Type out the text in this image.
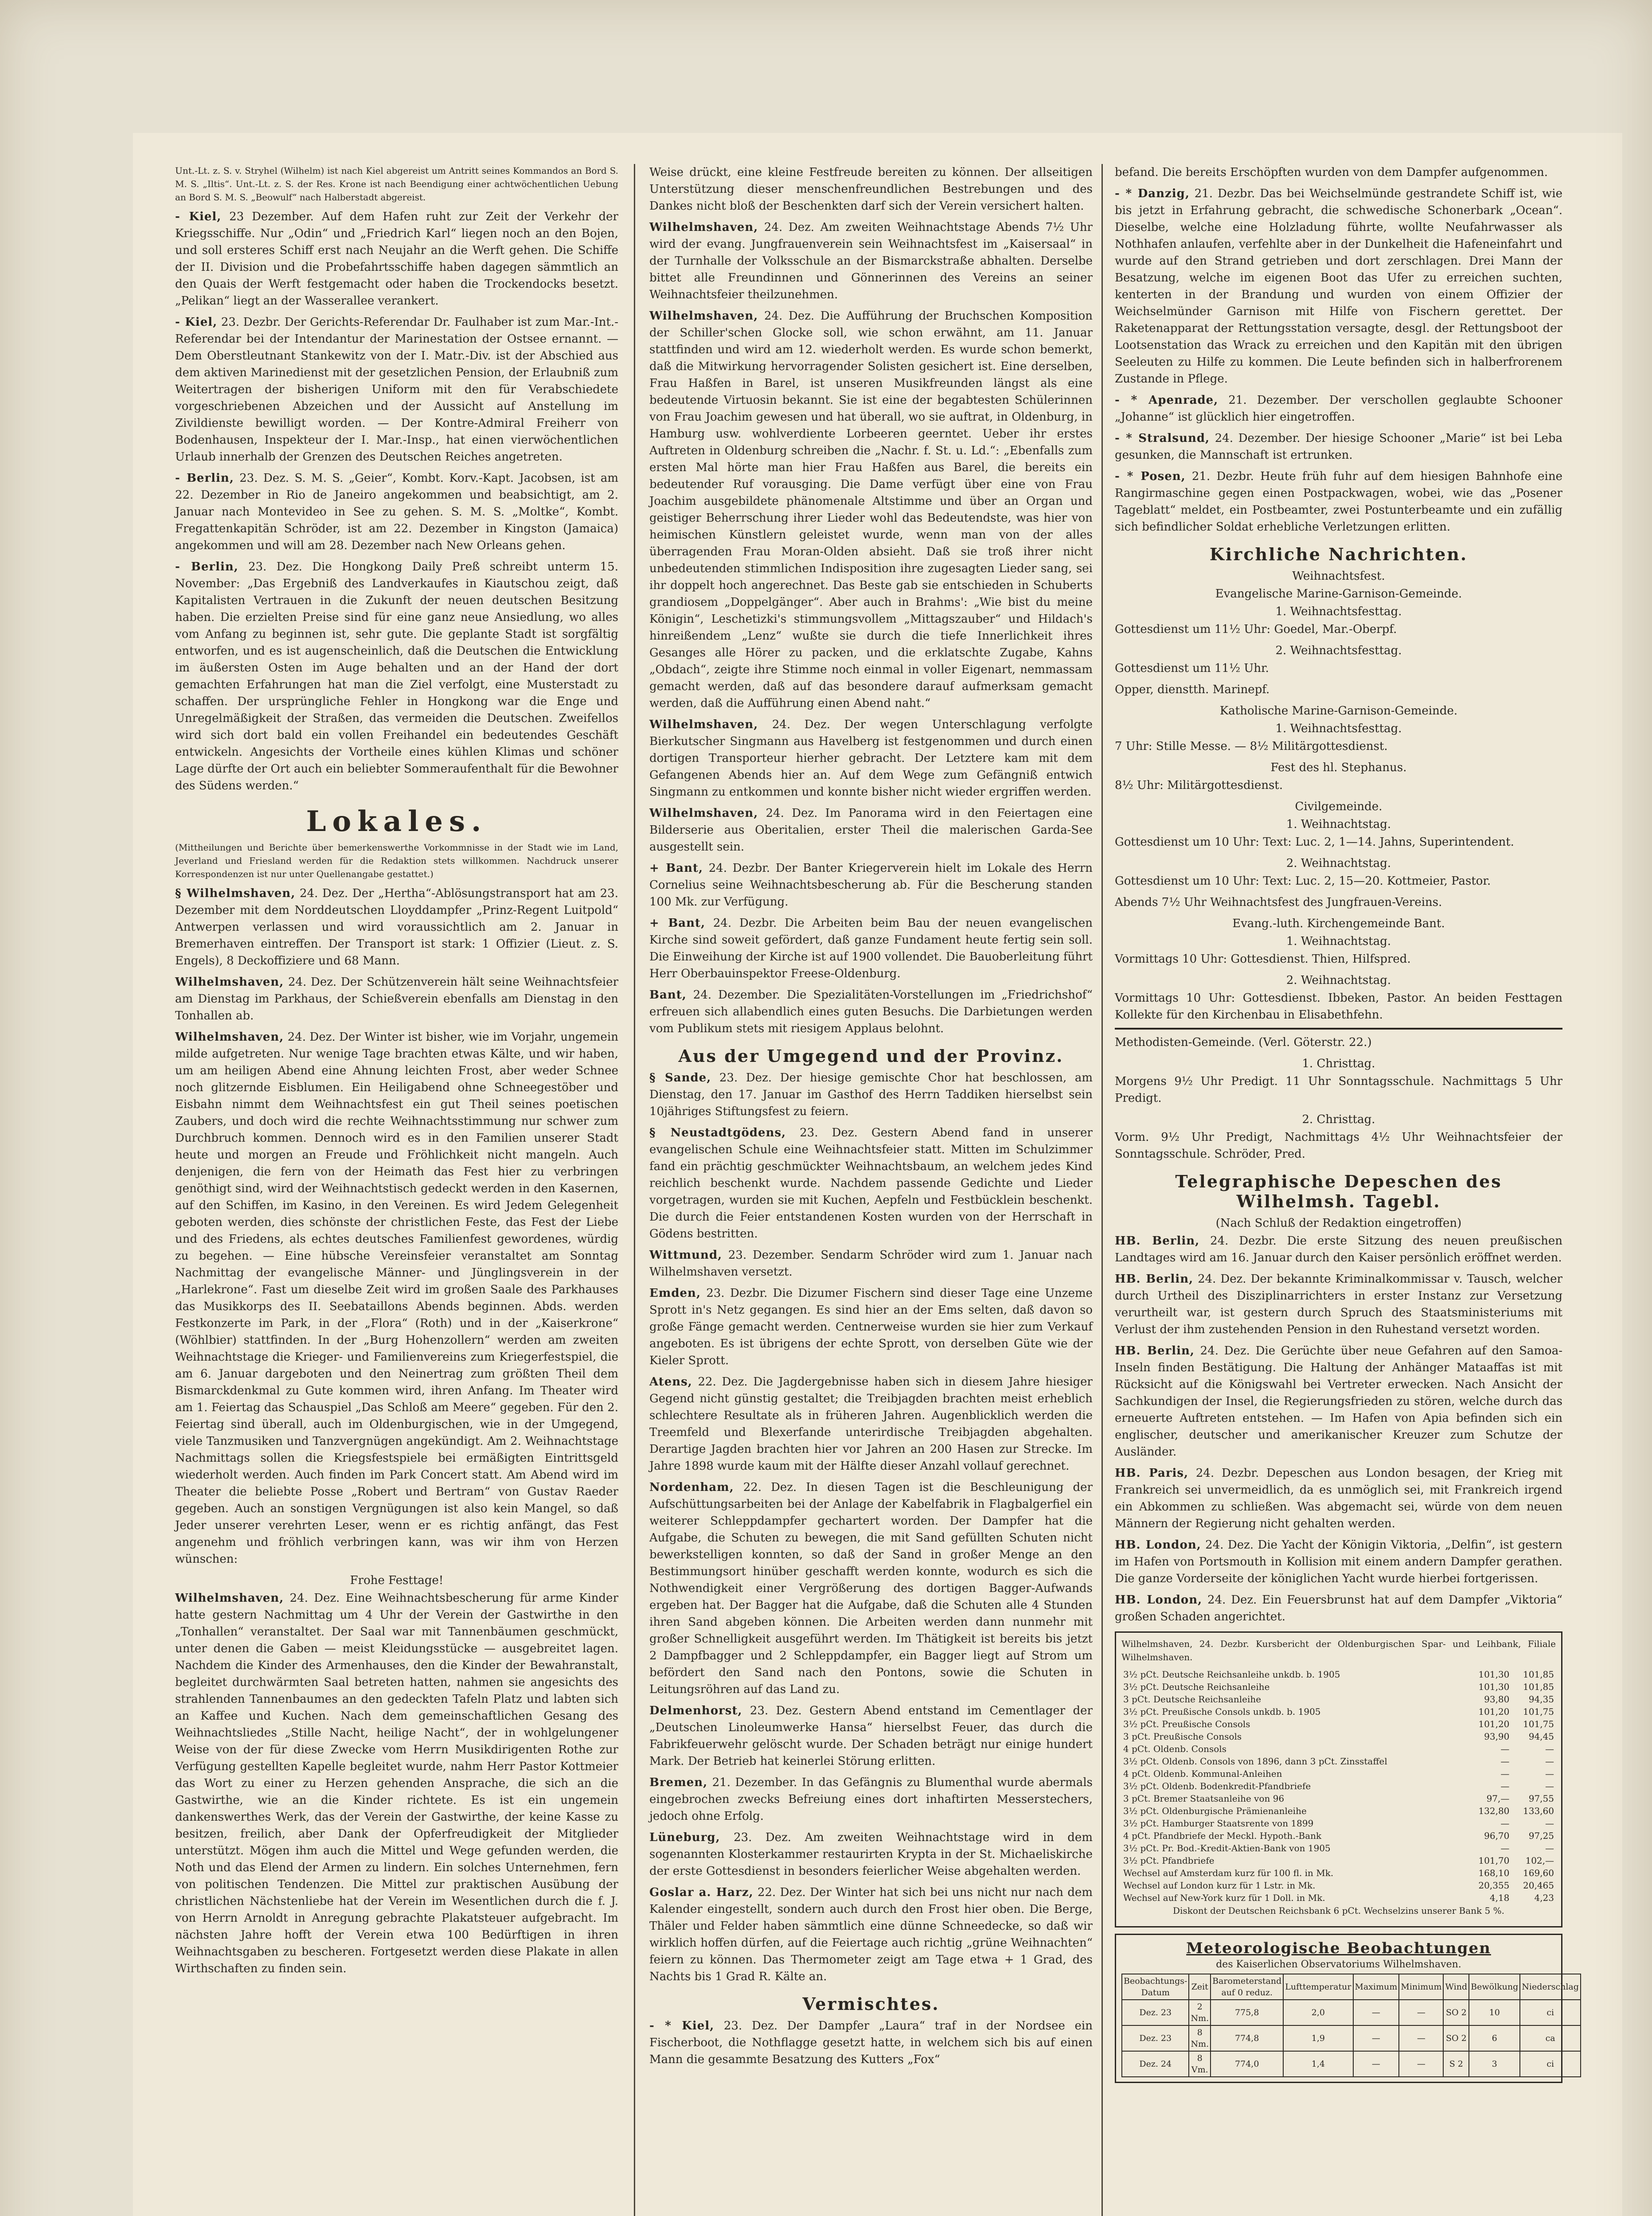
Unt.-Lt. z. S. v. Stryhel (Wilhelm) ist nach Kiel abgereist um Antritt seines Kommandos an Bord S. M. S. „Iltis“. Unt.-Lt. z. S. der Res. Krone ist nach Beendigung einer achtwöchentlichen Uebung an Bord S. M. S. „Beowulf“ nach Halberstadt abgereist.
- Kiel, 23 Dezember. Auf dem Hafen ruht zur Zeit der Verkehr der Kriegsschiffe. Nur „Odin“ und „Friedrich Karl“ liegen noch an den Bojen, und soll ersteres Schiff erst nach Neujahr an die Werft gehen. Die Schiffe der II. Division und die Probefahrtsschiffe haben dagegen sämmtlich an den Quais der Werft festgemacht oder haben die Trockendocks besetzt. „Pelikan“ liegt an der Wasserallee verankert.
- Kiel, 23. Dezbr. Der Gerichts-Referendar Dr. Faulhaber ist zum Mar.-Int.-Referendar bei der Intendantur der Marinestation der Ostsee ernannt. — Dem Oberstleutnant Stankewitz von der I. Matr.-Div. ist der Abschied aus dem aktiven Marinedienst mit der gesetzlichen Pension, der Erlaubniß zum Weitertragen der bisherigen Uniform mit den für Verabschiedete vorgeschriebenen Abzeichen und der Aussicht auf Anstellung im Zivildienste bewilligt worden. — Der Kontre-Admiral Freiherr von Bodenhausen, Inspekteur der I. Mar.-Insp., hat einen vierwöchentlichen Urlaub innerhalb der Grenzen des Deutschen Reiches angetreten.
- Berlin, 23. Dez. S. M. S. „Geier“, Kombt. Korv.-Kapt. Jacobsen, ist am 22. Dezember in Rio de Janeiro angekommen und beabsichtigt, am 2. Januar nach Montevideo in See zu gehen. S. M. S. „Moltke“, Kombt. Fregattenkapitän Schröder, ist am 22. Dezember in Kingston (Jamaica) angekommen und will am 28. Dezember nach New Orleans gehen.
- Berlin, 23. Dez. Die Hongkong Daily Preß schreibt unterm 15. November: „Das Ergebniß des Landverkaufes in Kiautschou zeigt, daß Kapitalisten Vertrauen in die Zukunft der neuen deutschen Besitzung haben. Die erzielten Preise sind für eine ganz neue Ansiedlung, wo alles vom Anfang zu beginnen ist, sehr gute. Die geplante Stadt ist sorgfältig entworfen, und es ist augenscheinlich, daß die Deutschen die Entwicklung im äußersten Osten im Auge behalten und an der Hand der dort gemachten Erfahrungen hat man die Ziel verfolgt, eine Musterstadt zu schaffen. Der ursprüngliche Fehler in Hongkong war die Enge und Unregelmäßigkeit der Straßen, das vermeiden die Deutschen. Zweifellos wird sich dort bald ein vollen Freihandel ein bedeutendes Geschäft entwickeln. Angesichts der Vortheile eines kühlen Klimas und schöner Lage dürfte der Ort auch ein beliebter Sommeraufenthalt für die Bewohner des Südens werden.“
Lokales.
(Mittheilungen und Berichte über bemerkenswerthe Vorkommnisse in der Stadt wie im Land, Jeverland und Friesland werden für die Redaktion stets willkommen. Nachdruck unserer Korrespondenzen ist nur unter Quellenangabe gestattet.)
§ Wilhelmshaven, 24. Dez. Der „Hertha“-Ablösungstransport hat am 23. Dezember mit dem Norddeutschen Lloyddampfer „Prinz-Regent Luitpold“ Antwerpen verlassen und wird voraussichtlich am 2. Januar in Bremerhaven eintreffen. Der Transport ist stark: 1 Offizier (Lieut. z. S. Engels), 8 Deckoffiziere und 68 Mann.
Wilhelmshaven, 24. Dez. Der Schützenverein hält seine Weihnachtsfeier am Dienstag im Parkhaus, der Schießverein ebenfalls am Dienstag in den Tonhallen ab.
Wilhelmshaven, 24. Dez. Der Winter ist bisher, wie im Vorjahr, ungemein milde aufgetreten. Nur wenige Tage brachten etwas Kälte, und wir haben, um am heiligen Abend eine Ahnung leichten Frost, aber weder Schnee noch glitzernde Eisblumen. Ein Heiligabend ohne Schneegestöber und Eisbahn nimmt dem Weihnachtsfest ein gut Theil seines poetischen Zaubers, und doch wird die rechte Weihnachtsstimmung nur schwer zum Durchbruch kommen. Dennoch wird es in den Familien unserer Stadt heute und morgen an Freude und Fröhlichkeit nicht mangeln. Auch denjenigen, die fern von der Heimath das Fest hier zu verbringen genöthigt sind, wird der Weihnachtstisch gedeckt werden in den Kasernen, auf den Schiffen, im Kasino, in den Vereinen. Es wird Jedem Gelegenheit geboten werden, dies schönste der christlichen Feste, das Fest der Liebe und des Friedens, als echtes deutsches Familienfest gewordenes, würdig zu begehen. — Eine hübsche Vereinsfeier veranstaltet am Sonntag Nachmittag der evangelische Männer- und Jünglingsverein in der „Harlekrone“. Fast um dieselbe Zeit wird im großen Saale des Parkhauses das Musikkorps des II. Seebataillons Abends beginnen. Abds. werden Festkonzerte im Park, in der „Flora“ (Roth) und in der „Kaiserkrone“ (Wöhlbier) stattfinden. In der „Burg Hohenzollern“ werden am zweiten Weihnachtstage die Krieger- und Familienvereins zum Kriegerfestspiel, die am 6. Januar dargeboten und den Neinertrag zum größten Theil dem Bismarckdenkmal zu Gute kommen wird, ihren Anfang. Im Theater wird am 1. Feiertag das Schauspiel „Das Schloß am Meere“ gegeben. Für den 2. Feiertag sind überall, auch im Oldenburgischen, wie in der Umgegend, viele Tanzmusiken und Tanzvergnügen angekündigt. Am 2. Weihnachtstage Nachmittags sollen die Kriegsfestspiele bei ermäßigten Eintrittsgeld wiederholt werden. Auch finden im Park Concert statt. Am Abend wird im Theater die beliebte Posse „Robert und Bertram“ von Gustav Raeder gegeben. Auch an sonstigen Vergnügungen ist also kein Mangel, so daß Jeder unserer verehrten Leser, wenn er es richtig anfängt, das Fest angenehm und fröhlich verbringen kann, was wir ihm von Herzen wünschen:
Frohe Festtage!
Wilhelmshaven, 24. Dez. Eine Weihnachtsbescherung für arme Kinder hatte gestern Nachmittag um 4 Uhr der Verein der Gastwirthe in den „Tonhallen“ veranstaltet. Der Saal war mit Tannenbäumen geschmückt, unter denen die Gaben — meist Kleidungsstücke — ausgebreitet lagen. Nachdem die Kinder des Armenhauses, den die Kinder der Bewahranstalt, begleitet durchwärmten Saal betreten hatten, nahmen sie angesichts des strahlenden Tannenbaumes an den gedeckten Tafeln Platz und labten sich an Kaffee und Kuchen. Nach dem gemeinschaftlichen Gesang des Weihnachtsliedes „Stille Nacht, heilige Nacht“, der in wohlgelungener Weise von der für diese Zwecke vom Herrn Musikdirigenten Rothe zur Verfügung gestellten Kapelle begleitet wurde, nahm Herr Pastor Kottmeier das Wort zu einer zu Herzen gehenden Ansprache, die sich an die Gastwirthe, wie an die Kinder richtete. Es ist ein ungemein dankenswerthes Werk, das der Verein der Gastwirthe, der keine Kasse zu besitzen, freilich, aber Dank der Opferfreudigkeit der Mitglieder unterstützt. Mögen ihm auch die Mittel und Wege gefunden werden, die Noth und das Elend der Armen zu lindern. Ein solches Unternehmen, fern von politischen Tendenzen. Die Mittel zur praktischen Ausübung der christlichen Nächstenliebe hat der Verein im Wesentlichen durch die f. J. von Herrn Arnoldt in Anregung gebrachte Plakatsteuer aufgebracht. Im nächsten Jahre hofft der Verein etwa 100 Bedürftigen in ihren Weihnachtsgaben zu bescheren. Fortgesetzt werden diese Plakate in allen Wirthschaften zu finden sein.
Weise drückt, eine kleine Festfreude bereiten zu können. Der allseitigen Unterstützung dieser menschenfreundlichen Bestrebungen und des Dankes nicht bloß der Beschenkten darf sich der Verein versichert halten.
Wilhelmshaven, 24. Dez. Am zweiten Weihnachtstage Abends 7½ Uhr wird der evang. Jungfrauenverein sein Weihnachtsfest im „Kaisersaal“ in der Turnhalle der Volksschule an der Bismarckstraße abhalten. Derselbe bittet alle Freundinnen und Gönnerinnen des Vereins an seiner Weihnachtsfeier theilzunehmen.
Wilhelmshaven, 24. Dez. Die Aufführung der Bruchschen Komposition der Schiller'schen Glocke soll, wie schon erwähnt, am 11. Januar stattfinden und wird am 12. wiederholt werden. Es wurde schon bemerkt, daß die Mitwirkung hervorragender Solisten gesichert ist. Eine derselben, Frau Haßfen in Barel, ist unseren Musikfreunden längst als eine bedeutende Virtuosin bekannt. Sie ist eine der begabtesten Schülerinnen von Frau Joachim gewesen und hat überall, wo sie auftrat, in Oldenburg, in Hamburg usw. wohlverdiente Lorbeeren geerntet. Ueber ihr erstes Auftreten in Oldenburg schreiben die „Nachr. f. St. u. Ld.“: „Ebenfalls zum ersten Mal hörte man hier Frau Haßfen aus Barel, die bereits ein bedeutender Ruf vorausging. Die Dame verfügt über eine von Frau Joachim ausgebildete phänomenale Altstimme und über an Organ und geistiger Beherrschung ihrer Lieder wohl das Bedeutendste, was hier von heimischen Künstlern geleistet wurde, wenn man von der alles überragenden Frau Moran-Olden absieht. Daß sie troß ihrer nicht unbedeutenden stimmlichen Indisposition ihre zugesagten Lieder sang, sei ihr doppelt hoch angerechnet. Das Beste gab sie entschieden in Schuberts grandiosem „Doppelgänger“. Aber auch in Brahms': „Wie bist du meine Königin“, Leschetizki's stimmungsvollem „Mittagszauber“ und Hildach's hinreißendem „Lenz“ wußte sie durch die tiefe Innerlichkeit ihres Gesanges alle Hörer zu packen, und die erklatschte Zugabe, Kahns „Obdach“, zeigte ihre Stimme noch einmal in voller Eigenart, nemmassam gemacht werden, daß auf das besondere darauf aufmerksam gemacht werden, daß die Aufführung einen Abend naht.“
Wilhelmshaven, 24. Dez. Der wegen Unterschlagung verfolgte Bierkutscher Singmann aus Havelberg ist festgenommen und durch einen dortigen Transporteur hierher gebracht. Der Letztere kam mit dem Gefangenen Abends hier an. Auf dem Wege zum Gefängniß entwich Singmann zu entkommen und konnte bisher nicht wieder ergriffen werden.
Wilhelmshaven, 24. Dez. Im Panorama wird in den Feiertagen eine Bilderserie aus Oberitalien, erster Theil die malerischen Garda-See ausgestellt sein.
+ Bant, 24. Dezbr. Der Banter Kriegerverein hielt im Lokale des Herrn Cornelius seine Weihnachtsbescherung ab. Für die Bescherung standen 100 Mk. zur Verfügung.
+ Bant, 24. Dezbr. Die Arbeiten beim Bau der neuen evangelischen Kirche sind soweit gefördert, daß ganze Fundament heute fertig sein soll. Die Einweihung der Kirche ist auf 1900 vollendet. Die Bauoberleitung führt Herr Oberbauinspektor Freese-Oldenburg.
Bant, 24. Dezember. Die Spezialitäten-Vorstellungen im „Friedrichshof“ erfreuen sich allabendlich eines guten Besuchs. Die Darbietungen werden vom Publikum stets mit riesigem Applaus belohnt.
Aus der Umgegend und der Provinz.
§ Sande, 23. Dez. Der hiesige gemischte Chor hat beschlossen, am Dienstag, den 17. Januar im Gasthof des Herrn Taddiken hierselbst sein 10jähriges Stiftungsfest zu feiern.
§ Neustadtgödens, 23. Dez. Gestern Abend fand in unserer evangelischen Schule eine Weihnachtsfeier statt. Mitten im Schulzimmer fand ein prächtig geschmückter Weihnachtsbaum, an welchem jedes Kind reichlich beschenkt wurde. Nachdem passende Gedichte und Lieder vorgetragen, wurden sie mit Kuchen, Aepfeln und Festbücklein beschenkt. Die durch die Feier entstandenen Kosten wurden von der Herrschaft in Gödens bestritten.
Wittmund, 23. Dezember. Sendarm Schröder wird zum 1. Januar nach Wilhelmshaven versetzt.
Emden, 23. Dezbr. Die Dizumer Fischern sind dieser Tage eine Unzeme Sprott in's Netz gegangen. Es sind hier an der Ems selten, daß davon so große Fänge gemacht werden. Centnerweise wurden sie hier zum Verkauf angeboten. Es ist übrigens der echte Sprott, von derselben Güte wie der Kieler Sprott.
Atens, 22. Dez. Die Jagdergebnisse haben sich in diesem Jahre hiesiger Gegend nicht günstig gestaltet; die Treibjagden brachten meist erheblich schlechtere Resultate als in früheren Jahren. Augenblicklich werden die Treemfeld und Blexerfande unterirdische Treibjagden abgehalten. Derartige Jagden brachten hier vor Jahren an 200 Hasen zur Strecke. Im Jahre 1898 wurde kaum mit der Hälfte dieser Anzahl vollauf gerechnet.
Nordenham, 22. Dez. In diesen Tagen ist die Beschleunigung der Aufschüttungsarbeiten bei der Anlage der Kabelfabrik in Flagbalgerfiel ein weiterer Schleppdampfer gechartert worden. Der Dampfer hat die Aufgabe, die Schuten zu bewegen, die mit Sand gefüllten Schuten nicht bewerkstelligen konnten, so daß der Sand in großer Menge an den Bestimmungsort hinüber geschafft werden konnte, wodurch es sich die Nothwendigkeit einer Vergrößerung des dortigen Bagger-Aufwands ergeben hat. Der Bagger hat die Aufgabe, daß die Schuten alle 4 Stunden ihren Sand abgeben können. Die Arbeiten werden dann nunmehr mit großer Schnelligkeit ausgeführt werden. Im Thätigkeit ist bereits bis jetzt 2 Dampfbagger und 2 Schleppdampfer, ein Bagger liegt auf Strom um befördert den Sand nach den Pontons, sowie die Schuten in Leitungsröhren auf das Land zu.
Delmenhorst, 23. Dez. Gestern Abend entstand im Cementlager der „Deutschen Linoleumwerke Hansa“ hierselbst Feuer, das durch die Fabrikfeuerwehr gelöscht wurde. Der Schaden beträgt nur einige hundert Mark. Der Betrieb hat keinerlei Störung erlitten.
Bremen, 21. Dezember. In das Gefängnis zu Blumenthal wurde abermals eingebrochen zwecks Befreiung eines dort inhaftirten Messerstechers, jedoch ohne Erfolg.
Lüneburg, 23. Dez. Am zweiten Weihnachtstage wird in dem sogenannten Klosterkammer restaurirten Krypta in der St. Michaeliskirche der erste Gottesdienst in besonders feierlicher Weise abgehalten werden.
Goslar a. Harz, 22. Dez. Der Winter hat sich bei uns nicht nur nach dem Kalender eingestellt, sondern auch durch den Frost hier oben. Die Berge, Thäler und Felder haben sämmtlich eine dünne Schneedecke, so daß wir wirklich hoffen dürfen, auf die Feiertage auch richtig „grüne Weihnachten“ feiern zu können. Das Thermometer zeigt am Tage etwa + 1 Grad, des Nachts bis 1 Grad R. Kälte an.
Vermischtes.
- * Kiel, 23. Dez. Der Dampfer „Laura“ traf in der Nordsee ein Fischerboot, die Nothflagge gesetzt hatte, in welchem sich bis auf einen Mann die gesammte Besatzung des Kutters „Fox“
befand. Die bereits Erschöpften wurden von dem Dampfer aufgenommen.
- * Danzig, 21. Dezbr. Das bei Weichselmünde gestrandete Schiff ist, wie bis jetzt in Erfahrung gebracht, die schwedische Schonerbark „Ocean“. Dieselbe, welche eine Holzladung führte, wollte Neufahrwasser als Nothhafen anlaufen, verfehlte aber in der Dunkelheit die Hafeneinfahrt und wurde auf den Strand getrieben und dort zerschlagen. Drei Mann der Besatzung, welche im eigenen Boot das Ufer zu erreichen suchten, kenterten in der Brandung und wurden von einem Offizier der Weichselmünder Garnison mit Hilfe von Fischern gerettet. Der Raketenapparat der Rettungsstation versagte, desgl. der Rettungsboot der Lootsenstation das Wrack zu erreichen und den Kapitän mit den übrigen Seeleuten zu Hilfe zu kommen. Die Leute befinden sich in halberfrorenem Zustande in Pflege.
- * Apenrade, 21. Dezember. Der verschollen geglaubte Schooner „Johanne“ ist glücklich hier eingetroffen.
- * Stralsund, 24. Dezember. Der hiesige Schooner „Marie“ ist bei Leba gesunken, die Mannschaft ist ertrunken.
- * Posen, 21. Dezbr. Heute früh fuhr auf dem hiesigen Bahnhofe eine Rangirmaschine gegen einen Postpackwagen, wobei, wie das „Posener Tageblatt“ meldet, ein Postbeamter, zwei Postunterbeamte und ein zufällig sich befindlicher Soldat erhebliche Verletzungen erlitten.
Kirchliche Nachrichten.
Weihnachtsfest.
Evangelische Marine-Garnison-Gemeinde.
1. Weihnachtsfesttag.
Gottesdienst um 11½ Uhr: Goedel, Mar.-Oberpf.
2. Weihnachtsfesttag.
Gottesdienst um 11½ Uhr.
Opper, dienstth. Marinepf.
Katholische Marine-Garnison-Gemeinde.
1. Weihnachtsfesttag.
7 Uhr: Stille Messe. — 8½ Militärgottesdienst.
Fest des hl. Stephanus.
8½ Uhr: Militärgottesdienst.
Civilgemeinde.
1. Weihnachtstag.
Gottesdienst um 10 Uhr: Text: Luc. 2, 1—14. Jahns, Superintendent.
2. Weihnachtstag.
Gottesdienst um 10 Uhr: Text: Luc. 2, 15—20. Kottmeier, Pastor.
Abends 7½ Uhr Weihnachtsfest des Jungfrauen-Vereins.
Evang.-luth. Kirchengemeinde Bant.
1. Weihnachtstag.
Vormittags 10 Uhr: Gottesdienst. Thien, Hilfspred.
2. Weihnachtstag.
Vormittags 10 Uhr: Gottesdienst. Ibbeken, Pastor. An beiden Festtagen Kollekte für den Kirchenbau in Elisabethfehn.
Methodisten-Gemeinde. (Verl. Göterstr. 22.)
1. Christtag.
Morgens 9½ Uhr Predigt. 11 Uhr Sonntagsschule. Nachmittags 5 Uhr Predigt.
2. Christtag.
Vorm. 9½ Uhr Predigt, Nachmittags 4½ Uhr Weihnachtsfeier der Sonntagsschule. Schröder, Pred.
Telegraphische Depeschen des Wilhelmsh. Tagebl.
(Nach Schluß der Redaktion eingetroffen)
HB. Berlin, 24. Dezbr. Die erste Sitzung des neuen preußischen Landtages wird am 16. Januar durch den Kaiser persönlich eröffnet werden.
HB. Berlin, 24. Dez. Der bekannte Kriminalkommissar v. Tausch, welcher durch Urtheil des Disziplinarrichters in erster Instanz zur Versetzung verurtheilt war, ist gestern durch Spruch des Staatsministeriums mit Verlust der ihm zustehenden Pension in den Ruhestand versetzt worden.
HB. Berlin, 24. Dez. Die Gerüchte über neue Gefahren auf den Samoa-Inseln finden Bestätigung. Die Haltung der Anhänger Mataaffas ist mit Rücksicht auf die Königswahl bei Vertreter erwecken. Nach Ansicht der Sachkundigen der Insel, die Regierungsfrieden zu stören, welche durch das erneuerte Auftreten entstehen. — Im Hafen von Apia befinden sich ein englischer, deutscher und amerikanischer Kreuzer zum Schutze der Ausländer.
HB. Paris, 24. Dezbr. Depeschen aus London besagen, der Krieg mit Frankreich sei unvermeidlich, da es unmöglich sei, mit Frankreich irgend ein Abkommen zu schließen. Was abgemacht sei, würde von dem neuen Männern der Regierung nicht gehalten werden.
HB. London, 24. Dez. Die Yacht der Königin Viktoria, „Delfin“, ist gestern im Hafen von Portsmouth in Kollision mit einem andern Dampfer gerathen. Die ganze Vorderseite der königlichen Yacht wurde hierbei fortgerissen.
HB. London, 24. Dez. Ein Feuersbrunst hat auf dem Dampfer „Viktoria“ großen Schaden angerichtet.
Wilhelmshaven, 24. Dezbr. Kursbericht der Oldenburgischen Spar- und Leihbank, Filiale Wilhelmshaven.
3½ pCt. Deutsche Reichsanleihe unkdb. b. 1905	101,30	101,85
3½ pCt. Deutsche Reichsanleihe	101,30	101,85
3 pCt. Deutsche Reichsanleihe	93,80	94,35
3½ pCt. Preußische Consols unkdb. b. 1905	101,20	101,75
3½ pCt. Preußische Consols	101,20	101,75
3 pCt. Preußische Consols	93,90	94,45
4 pCt. Oldenb. Consols	—	—
3½ pCt. Oldenb. Consols von 1896, dann 3 pCt. Zinsstaffel	—	—
4 pCt. Oldenb. Kommunal-Anleihen	—	—
3½ pCt. Oldenb. Bodenkredit-Pfandbriefe	—	—
3 pCt. Bremer Staatsanleihe von 96	97,—	97,55
3½ pCt. Oldenburgische Prämienanleihe	132,80	133,60
3½ pCt. Hamburger Staatsrente von 1899	—	—
4 pCt. Pfandbriefe der Meckl. Hypoth.-Bank	96,70	97,25
3½ pCt. Pr. Bod.-Kredit-Aktien-Bank von 1905	—	—
3½ pCt. Pfandbriefe	101,70	102,—
Wechsel auf Amsterdam kurz für 100 fl. in Mk.	168,10	169,60
Wechsel auf London kurz für 1 Lstr. in Mk.	20,355	20,465
Wechsel auf New-York kurz für 1 Doll. in Mk.	4,18	4,23
Diskont der Deutschen Reichsbank 6 pCt. Wechselzins unserer Bank 5 %.
Meteorologische Beobachtungen
des Kaiserlichen Observatoriums Wilhelmshaven.
Beobachtungs-Datum	Zeit	Barometerstand auf 0 reduz.	Lufttemperatur	Maximum	Minimum	Wind	Bewölkung	Niederschlag
Dez. 23	2 Nm.	775,8	2,0	—	—	SO 2	10	ci
Dez. 23	8 Nm.	774,8	1,9	—	—	SO 2	6	ca
Dez. 24	8 Vm.	774,0	1,4	—	—	S 2	3	ci
